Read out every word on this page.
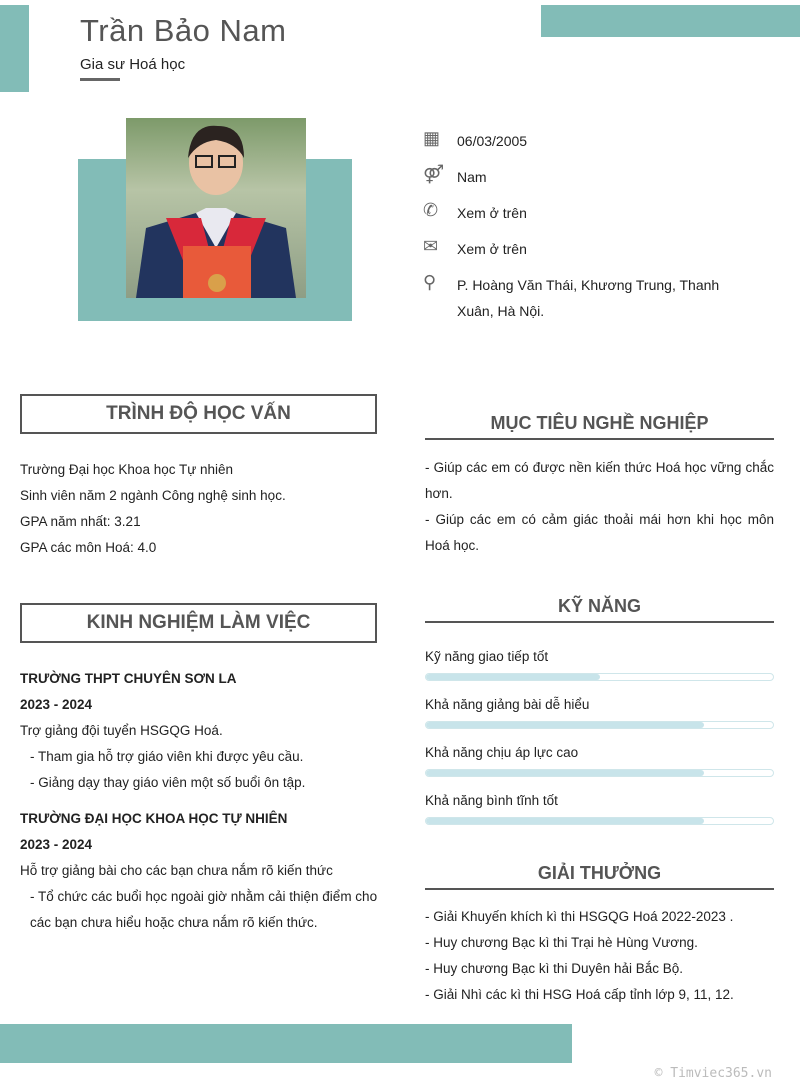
Trần Bảo Nam
Gia sư Hoá học
▦	06/03/2005
⚤ Nam
✆	Xem ở trên
✉	Xem ở trên
⚲	P. Hoàng Văn Thái, Khương Trung, Thanh Xuân, Hà Nội.
TRÌNH ĐỘ HỌC VẤN
Trường Đại học Khoa học Tự nhiên
Sinh viên năm 2 ngành Công nghệ sinh học.
GPA năm nhất: 3.21
GPA các môn Hoá: 4.0
KINH NGHIỆM LÀM VIỆC
TRƯỜNG THPT CHUYÊN SƠN LA
2023 - 2024
Trợ giảng đội tuyển HSGQG Hoá.
- Tham gia hỗ trợ giáo viên khi được yêu cầu.
- Giảng dạy thay giáo viên một số buổi ôn tập.
TRƯỜNG ĐẠI HỌC KHOA HỌC TỰ NHIÊN
2023 - 2024
Hỗ trợ giảng bài cho các bạn chưa nắm rõ kiến thức
- Tổ chức các buổi học ngoài giờ nhằm cải thiện điểm cho các bạn chưa hiểu hoặc chưa nắm rõ kiến thức.
MỤC TIÊU NGHỀ NGHIỆP
- Giúp các em có được nền kiến thức Hoá học vững chắc hơn.
- Giúp các em có cảm giác thoải mái hơn khi học môn Hoá học.
KỸ NĂNG
Kỹ năng giao tiếp tốt
Khả năng giảng bài dễ hiểu
Khả năng chịu áp lực cao
Khả năng bình tĩnh tốt
GIẢI THƯỞNG
- Giải Khuyến khích kì thi HSGQG Hoá 2022-2023 .
- Huy chương Bạc kì thi Trại hè Hùng Vương.
- Huy chương Bạc kì thi Duyên hải Bắc Bộ.
- Giải Nhì các kì thi HSG Hoá cấp tỉnh lớp 9, 11, 12.
© Timviec365.vn
